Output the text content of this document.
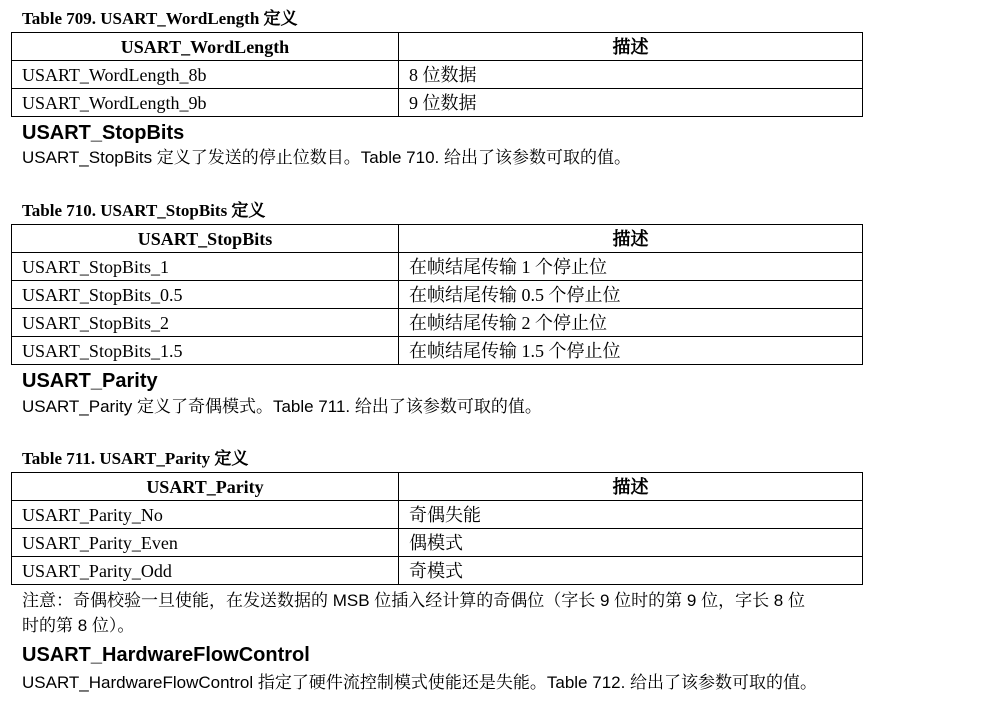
Table 709. USART_WordLength 定义
USART_WordLength	描述
USART_WordLength_8b	8 位数据
USART_WordLength_9b	9 位数据
USART_StopBits
USART_StopBits 定义了发送的停止位数目。Table 710. 给出了该参数可取的值。
Table 710. USART_StopBits 定义
USART_StopBits	描述
USART_StopBits_1	在帧结尾传输 1 个停止位
USART_StopBits_0.5	在帧结尾传输 0.5 个停止位
USART_StopBits_2	在帧结尾传输 2 个停止位
USART_StopBits_1.5	在帧结尾传输 1.5 个停止位
USART_Parity
USART_Parity 定义了奇偶模式。Table 711. 给出了该参数可取的值。
Table 711. USART_Parity 定义
USART_Parity	描述
USART_Parity_No	奇偶失能
USART_Parity_Even	偶模式
USART_Parity_Odd	奇模式
注意：奇偶校验一旦使能，在发送数据的 MSB 位插入经计算的奇偶位（字长 9 位时的第 9 位，字长 8 位
时的第 8 位）。
USART_HardwareFlowControl
USART_HardwareFlowControl 指定了硬件流控制模式使能还是失能。Table 712. 给出了该参数可取的值。
